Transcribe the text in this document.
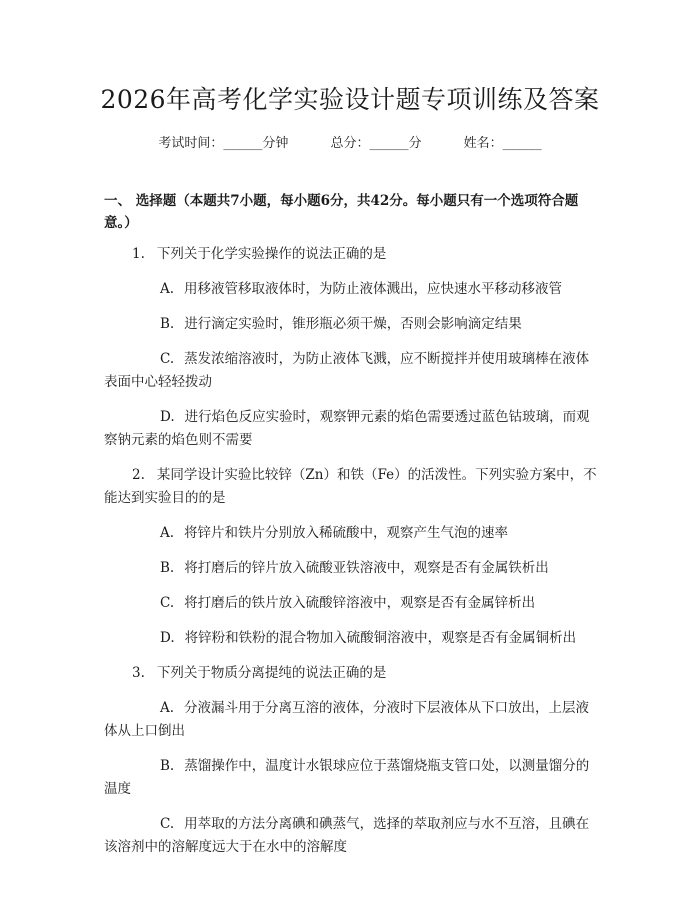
2026年高考化学实验设计题专项训练及答案
考试时间：______分钟	总分：______分	姓名：______
一、 选择题（本题共7小题，每小题6分，共42分。每小题只有一个选项符合题意。）
1. 下列关于化学实验操作的说法正确的是
A. 用移液管移取液体时，为防止液体溅出，应快速水平移动移液管
B. 进行滴定实验时，锥形瓶必须干燥，否则会影响滴定结果
C. 蒸发浓缩溶液时，为防止液体飞溅，应不断搅拌并使用玻璃棒在液体表面中心轻轻拨动
D. 进行焰色反应实验时，观察钾元素的焰色需要透过蓝色钴玻璃，而观察钠元素的焰色则不需要
2. 某同学设计实验比较锌（Zn）和铁（Fe）的活泼性。下列实验方案中，不能达到实验目的的是
A. 将锌片和铁片分别放入稀硫酸中，观察产生气泡的速率
B. 将打磨后的锌片放入硫酸亚铁溶液中，观察是否有金属铁析出
C. 将打磨后的铁片放入硫酸锌溶液中，观察是否有金属锌析出
D. 将锌粉和铁粉的混合物加入硫酸铜溶液中，观察是否有金属铜析出
3. 下列关于物质分离提纯的说法正确的是
A. 分液漏斗用于分离互溶的液体，分液时下层液体从下口放出，上层液体从上口倒出
B. 蒸馏操作中，温度计水银球应位于蒸馏烧瓶支管口处，以测量馏分的温度
C. 用萃取的方法分离碘和碘蒸气，选择的萃取剂应与水不互溶，且碘在该溶剂中的溶解度远大于在水中的溶解度
